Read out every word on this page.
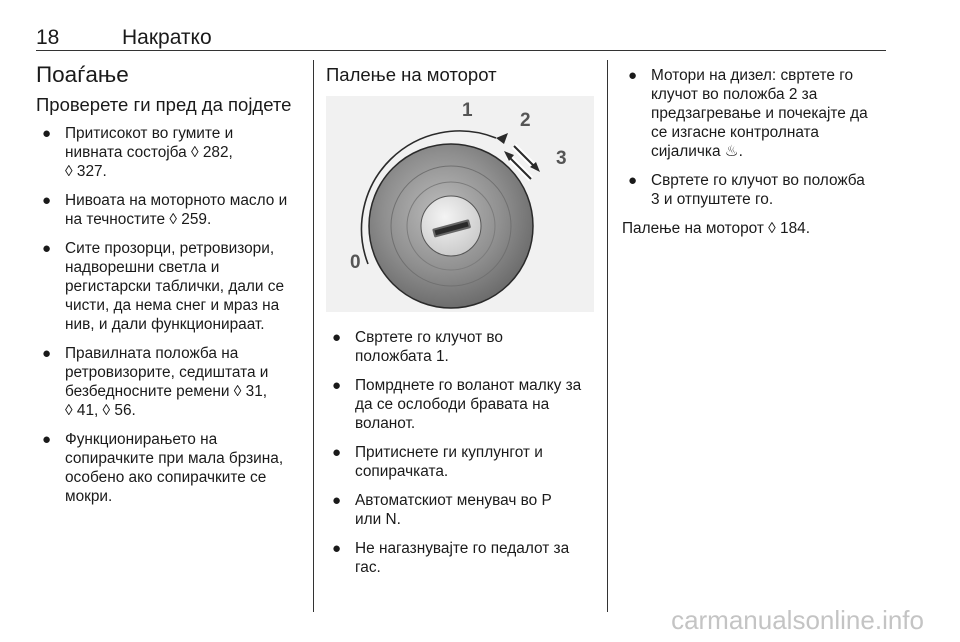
18	Накратко
Поаѓање
Проверете ги пред да појдете
● Притисокот во гумите и
нивната состојба ◊ 282,
◊ 327.
● Нивоата на моторното масло и
на течностите ◊ 259.
● Сите прозорци, ретровизори,
надворешни светла и
регистарски таблички, дали се
чисти, да нема снег и мраз на
нив, и дали функционираат.
● Правилната положба на
ретровизорите, седиштата и
безбедносните ремени ◊ 31,
◊ 41, ◊ 56.
● Функционирањето на
сопирачките при мала брзина,
особено ако сопирачките се
мокри.
Палење на моторот
0
1 2
3
● Свртете го клучот во
положбата 1.
● Помрднете го воланот малку за
да се ослободи бравата на
воланот.
● Притиснете ги куплунгот и
сопирачката.
● Автоматскиот менувач во P
или N.
● Не нагазнувајте го педалот за
гас.
● Мотори на дизел: свртете го
клучот во положба 2 за
предзагревање и почекајте да
се изгасне контролната
сијаличка ♨.
● Свртете го клучот во положба
3 и отпуштете го.

Палење на моторот ◊ 184.

carmanualsonline.info
